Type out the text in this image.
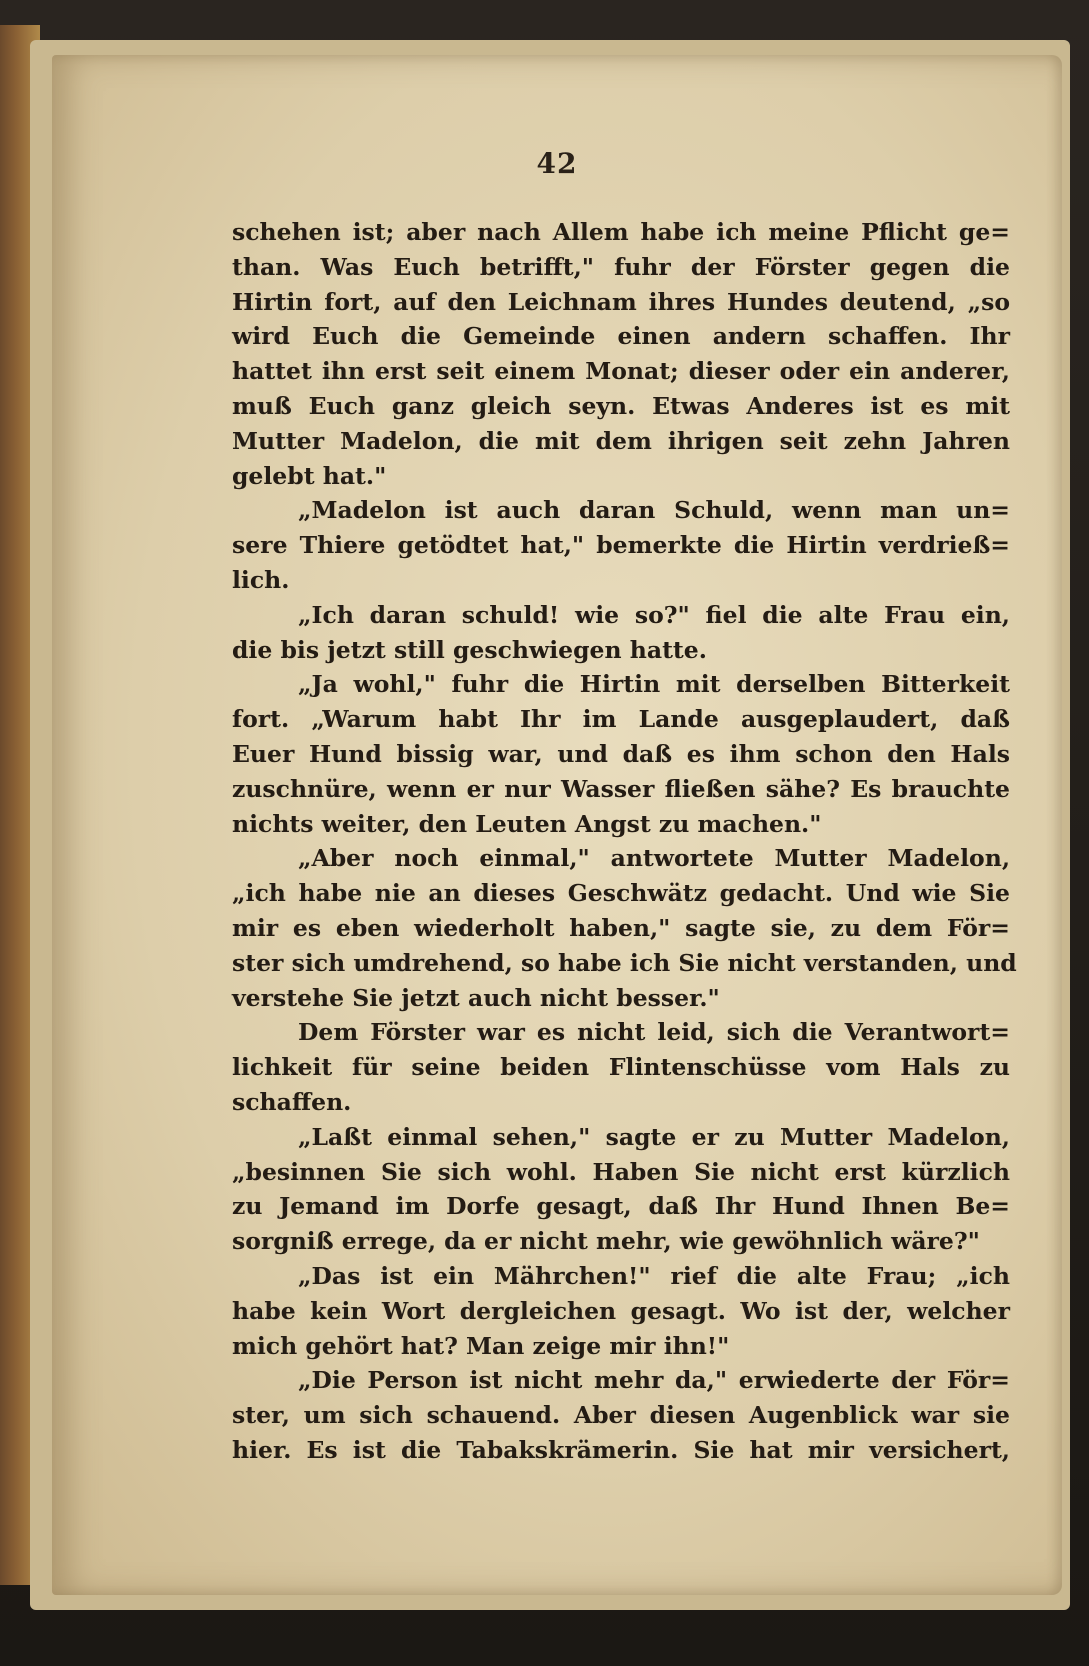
42
schehen ist; aber nach Allem habe ich meine Pflicht ge=
than. Was Euch betrifft," fuhr der Förster gegen die
Hirtin fort, auf den Leichnam ihres Hundes deutend, „so
wird Euch die Gemeinde einen andern schaffen. Ihr
hattet ihn erst seit einem Monat; dieser oder ein anderer,
muß Euch ganz gleich seyn. Etwas Anderes ist es mit
Mutter Madelon, die mit dem ihrigen seit zehn Jahren
gelebt hat."
„Madelon ist auch daran Schuld, wenn man un=
sere Thiere getödtet hat," bemerkte die Hirtin verdrieß=
lich.
„Ich daran schuld! wie so?" fiel die alte Frau ein,
die bis jetzt still geschwiegen hatte.
„Ja wohl," fuhr die Hirtin mit derselben Bitterkeit
fort. „Warum habt Ihr im Lande ausgeplaudert, daß
Euer Hund bissig war, und daß es ihm schon den Hals
zuschnüre, wenn er nur Wasser fließen sähe? Es brauchte
nichts weiter, den Leuten Angst zu machen."
„Aber noch einmal," antwortete Mutter Madelon,
„ich habe nie an dieses Geschwätz gedacht. Und wie Sie
mir es eben wiederholt haben," sagte sie, zu dem För=
ster sich umdrehend, so habe ich Sie nicht verstanden, und
verstehe Sie jetzt auch nicht besser."
Dem Förster war es nicht leid, sich die Verantwort=
lichkeit für seine beiden Flintenschüsse vom Hals zu
schaffen.
„Laßt einmal sehen," sagte er zu Mutter Madelon,
„besinnen Sie sich wohl. Haben Sie nicht erst kürzlich
zu Jemand im Dorfe gesagt, daß Ihr Hund Ihnen Be=
sorgniß errege, da er nicht mehr, wie gewöhnlich wäre?"
„Das ist ein Mährchen!" rief die alte Frau; „ich
habe kein Wort dergleichen gesagt. Wo ist der, welcher
mich gehört hat? Man zeige mir ihn!"
„Die Person ist nicht mehr da," erwiederte der För=
ster, um sich schauend. Aber diesen Augenblick war sie
hier. Es ist die Tabakskrämerin. Sie hat mir versichert,
